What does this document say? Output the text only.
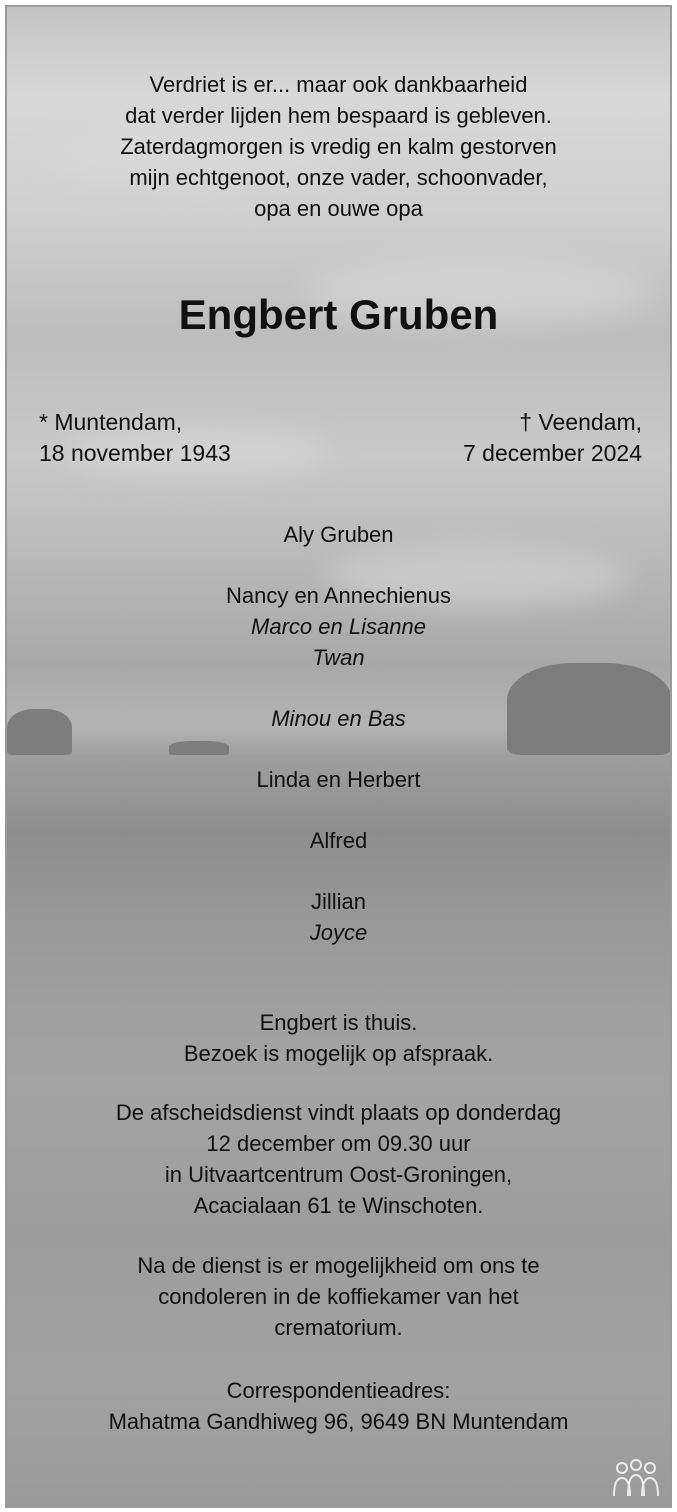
Verdriet is er... maar ook dankbaarheid
dat verder lijden hem bespaard is gebleven.
Zaterdagmorgen is vredig en kalm gestorven
mijn echtgenoot, onze vader, schoonvader,
opa en ouwe opa
Engbert Gruben
* Muntendam,
18 november 1943
† Veendam,
7 december 2024
Aly Gruben
Nancy en Annechienus
Marco en Lisanne
Twan
Minou en Bas
Linda en Herbert
Alfred
Jillian
Joyce
Engbert is thuis.
Bezoek is mogelijk op afspraak.
De afscheidsdienst vindt plaats op donderdag
12 december om 09.30 uur
in Uitvaartcentrum Oost-Groningen,
Acacialaan 61 te Winschoten.
Na de dienst is er mogelijkheid om ons te
condoleren in de koffiekamer van het
crematorium.
Correspondentieadres:
Mahatma Gandhiweg 96, 9649 BN Muntendam
